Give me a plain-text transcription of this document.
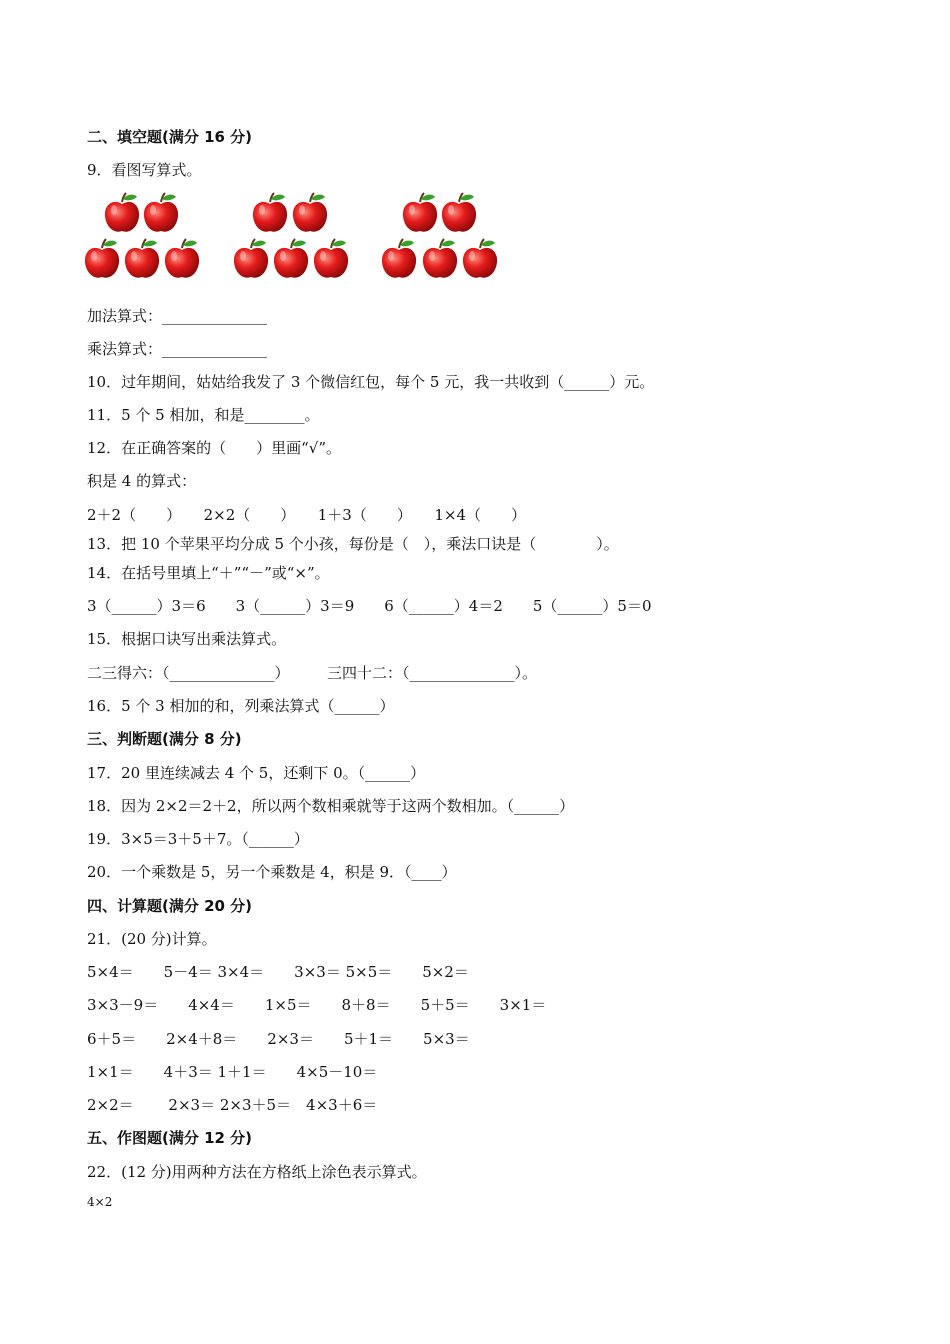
二、填空题(满分 16 分)
9．看图写算式。
加法算式：______________
乘法算式：______________
10．过年期间，姑姑给我发了 3 个微信红包，每个 5 元，我一共收到（______）元。
11．5 个 5 相加，和是________。
12．在正确答案的（　　）里画“√”。
积是 4 的算式：
2＋2（　　）　　2×2（　　）　　1＋3（　　）　　1×4（　　）
13．把 10 个苹果平均分成 5 个小孩，每份是（　），乘法口诀是（　　　　）。
14．在括号里填上“＋”“－”或“×”。
3（______）3＝6　　3（______）3＝9　　6（______）4＝2　　5（______）5＝0
15．根据口诀写出乘法算式。
二三得六：（______________）　　　三四十二：（______________）。
16．5 个 3 相加的和，列乘法算式（______）
三、判断题(满分 8 分)
17．20 里连续减去 4 个 5，还剩下 0。（______）
18．因为 2×2＝2＋2，所以两个数相乘就等于这两个数相加。（______）
19．3×5＝3＋5＋7。（______）
20．一个乘数是 5，另一个乘数是 4，积是 9．（____）
四、计算题(满分 20 分)
21．(20 分)计算。
5×4＝　　5－4＝ 3×4＝　　3×3＝ 5×5＝　　5×2＝
3×3－9＝　　4×4＝　　1×5＝　　8＋8＝　　5＋5＝　　3×1＝
6＋5＝　　2×4＋8＝　　2×3＝　　5＋1＝　　5×3＝
1×1＝　　4＋3＝ 1＋1＝　　4×5－10＝
2×2＝　　 2×3＝ 2×3＋5＝　4×3＋6＝
五、作图题(满分 12 分)
22．(12 分)用两种方法在方格纸上涂色表示算式。
4×2
